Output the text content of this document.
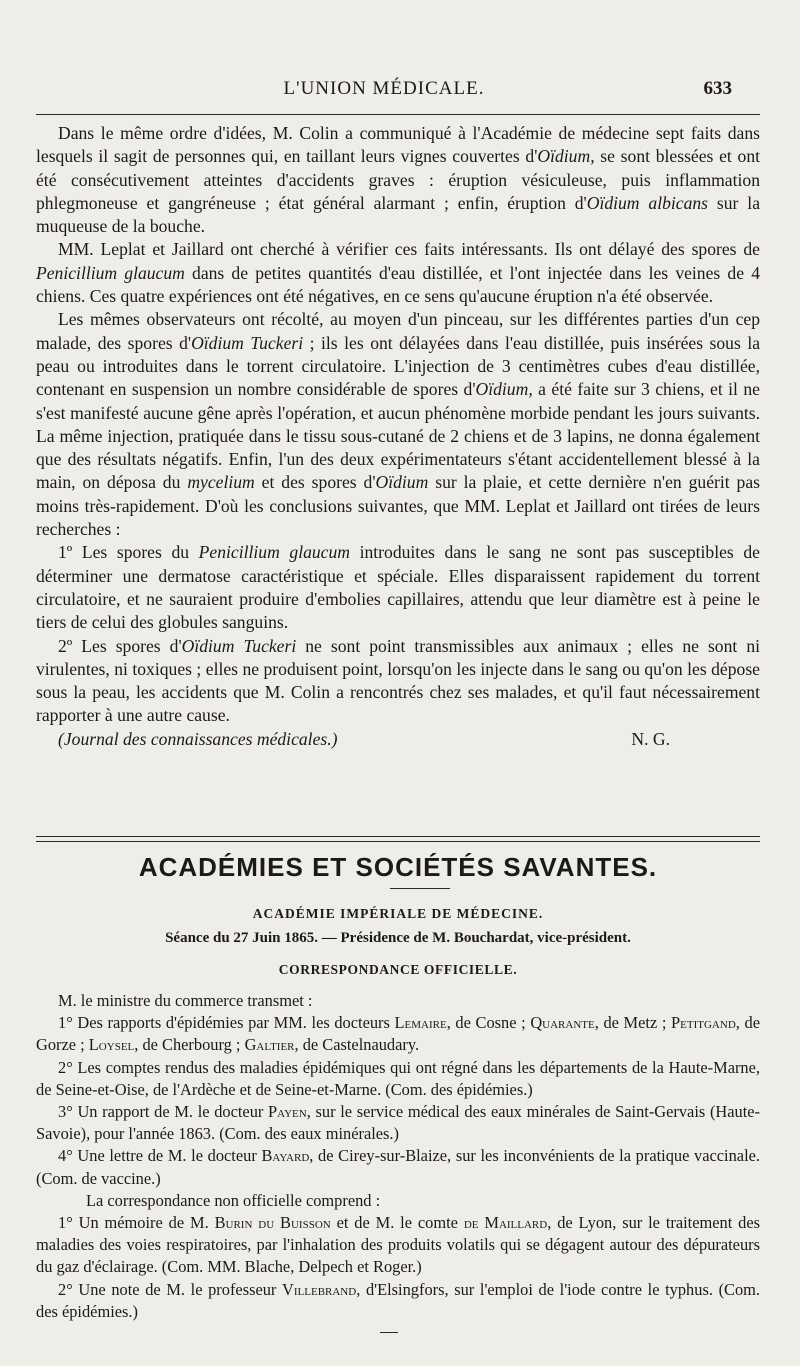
L'UNION MÉDICALE.	633

Dans le même ordre d'idées, M. Colin a communiqué à l'Académie de médecine sept faits dans lesquels il sagit de personnes qui, en taillant leurs vignes couvertes d'Oïdium, se sont blessées et ont été consécutivement atteintes d'accidents graves : éruption vésiculeuse, puis inflammation phlegmoneuse et gangréneuse ; état général alarmant ; enfin, éruption d'Oïdium albicans sur la muqueuse de la bouche.

MM. Leplat et Jaillard ont cherché à vérifier ces faits intéressants. Ils ont délayé des spores de Penicillium glaucum dans de petites quantités d'eau distillée, et l'ont injectée dans les veines de 4 chiens. Ces quatre expériences ont été négatives, en ce sens qu'aucune éruption n'a été observée.

Les mêmes observateurs ont récolté, au moyen d'un pinceau, sur les différentes parties d'un cep malade, des spores d'Oïdium Tuckeri ; ils les ont délayées dans l'eau distillée, puis insérées sous la peau ou introduites dans le torrent circulatoire. L'injection de 3 centimètres cubes d'eau distillée, contenant en suspension un nombre considérable de spores d'Oïdium, a été faite sur 3 chiens, et il ne s'est manifesté aucune gêne après l'opération, et aucun phénomène morbide pendant les jours suivants. La même injection, pratiquée dans le tissu sous-cutané de 2 chiens et de 3 lapins, ne donna également que des résultats négatifs. Enfin, l'un des deux expérimentateurs s'étant accidentellement blessé à la main, on déposa du mycelium et des spores d'Oïdium sur la plaie, et cette dernière n'en guérit pas moins très-rapidement. D'où les conclusions suivantes, que MM. Leplat et Jaillard ont tirées de leurs recherches :

1º Les spores du Penicillium glaucum introduites dans le sang ne sont pas susceptibles de déterminer une dermatose caractéristique et spéciale. Elles disparaissent rapidement du torrent circulatoire, et ne sauraient produire d'embolies capillaires, attendu que leur diamètre est à peine le tiers de celui des globules sanguins.

2º Les spores d'Oïdium Tuckeri ne sont point transmissibles aux animaux ; elles ne sont ni virulentes, ni toxiques ; elles ne produisent point, lorsqu'on les injecte dans le sang ou qu'on les dépose sous la peau, les accidents que M. Colin a rencontrés chez ses malades, et qu'il faut nécessairement rapporter à une autre cause.

(Journal des connaissances médicales.)	N. G.
ACADÉMIES ET SOCIÉTÉS SAVANTES.
ACADÉMIE IMPÉRIALE DE MÉDECINE.
Séance du 27 Juin 1865. — Présidence de M. Bouchardat, vice-président.
CORRESPONDANCE OFFICIELLE.

M. le ministre du commerce transmet :

1° Des rapports d'épidémies par MM. les docteurs Lemaire, de Cosne ; Quarante, de Metz ; Petitgand, de Gorze ; Loysel, de Cherbourg ; Galtier, de Castelnaudary.

2° Les comptes rendus des maladies épidémiques qui ont régné dans les départements de la Haute-Marne, de Seine-et-Oise, de l'Ardèche et de Seine-et-Marne. (Com. des épidémies.)

3° Un rapport de M. le docteur Payen, sur le service médical des eaux minérales de Saint-Gervais (Haute-Savoie), pour l'année 1863. (Com. des eaux minérales.)

4° Une lettre de M. le docteur Bayard, de Cirey-sur-Blaize, sur les inconvénients de la pratique vaccinale. (Com. de vaccine.)

La correspondance non officielle comprend :

1° Un mémoire de M. Burin du Buisson et de M. le comte de Maillard, de Lyon, sur le traitement des maladies des voies respiratoires, par l'inhalation des produits volatils qui se dégagent autour des dépurateurs du gaz d'éclairage. (Com. MM. Blache, Delpech et Roger.)

2° Une note de M. le professeur Villebrand, d'Elsingfors, sur l'emploi de l'iode contre le typhus. (Com. des épidémies.)
